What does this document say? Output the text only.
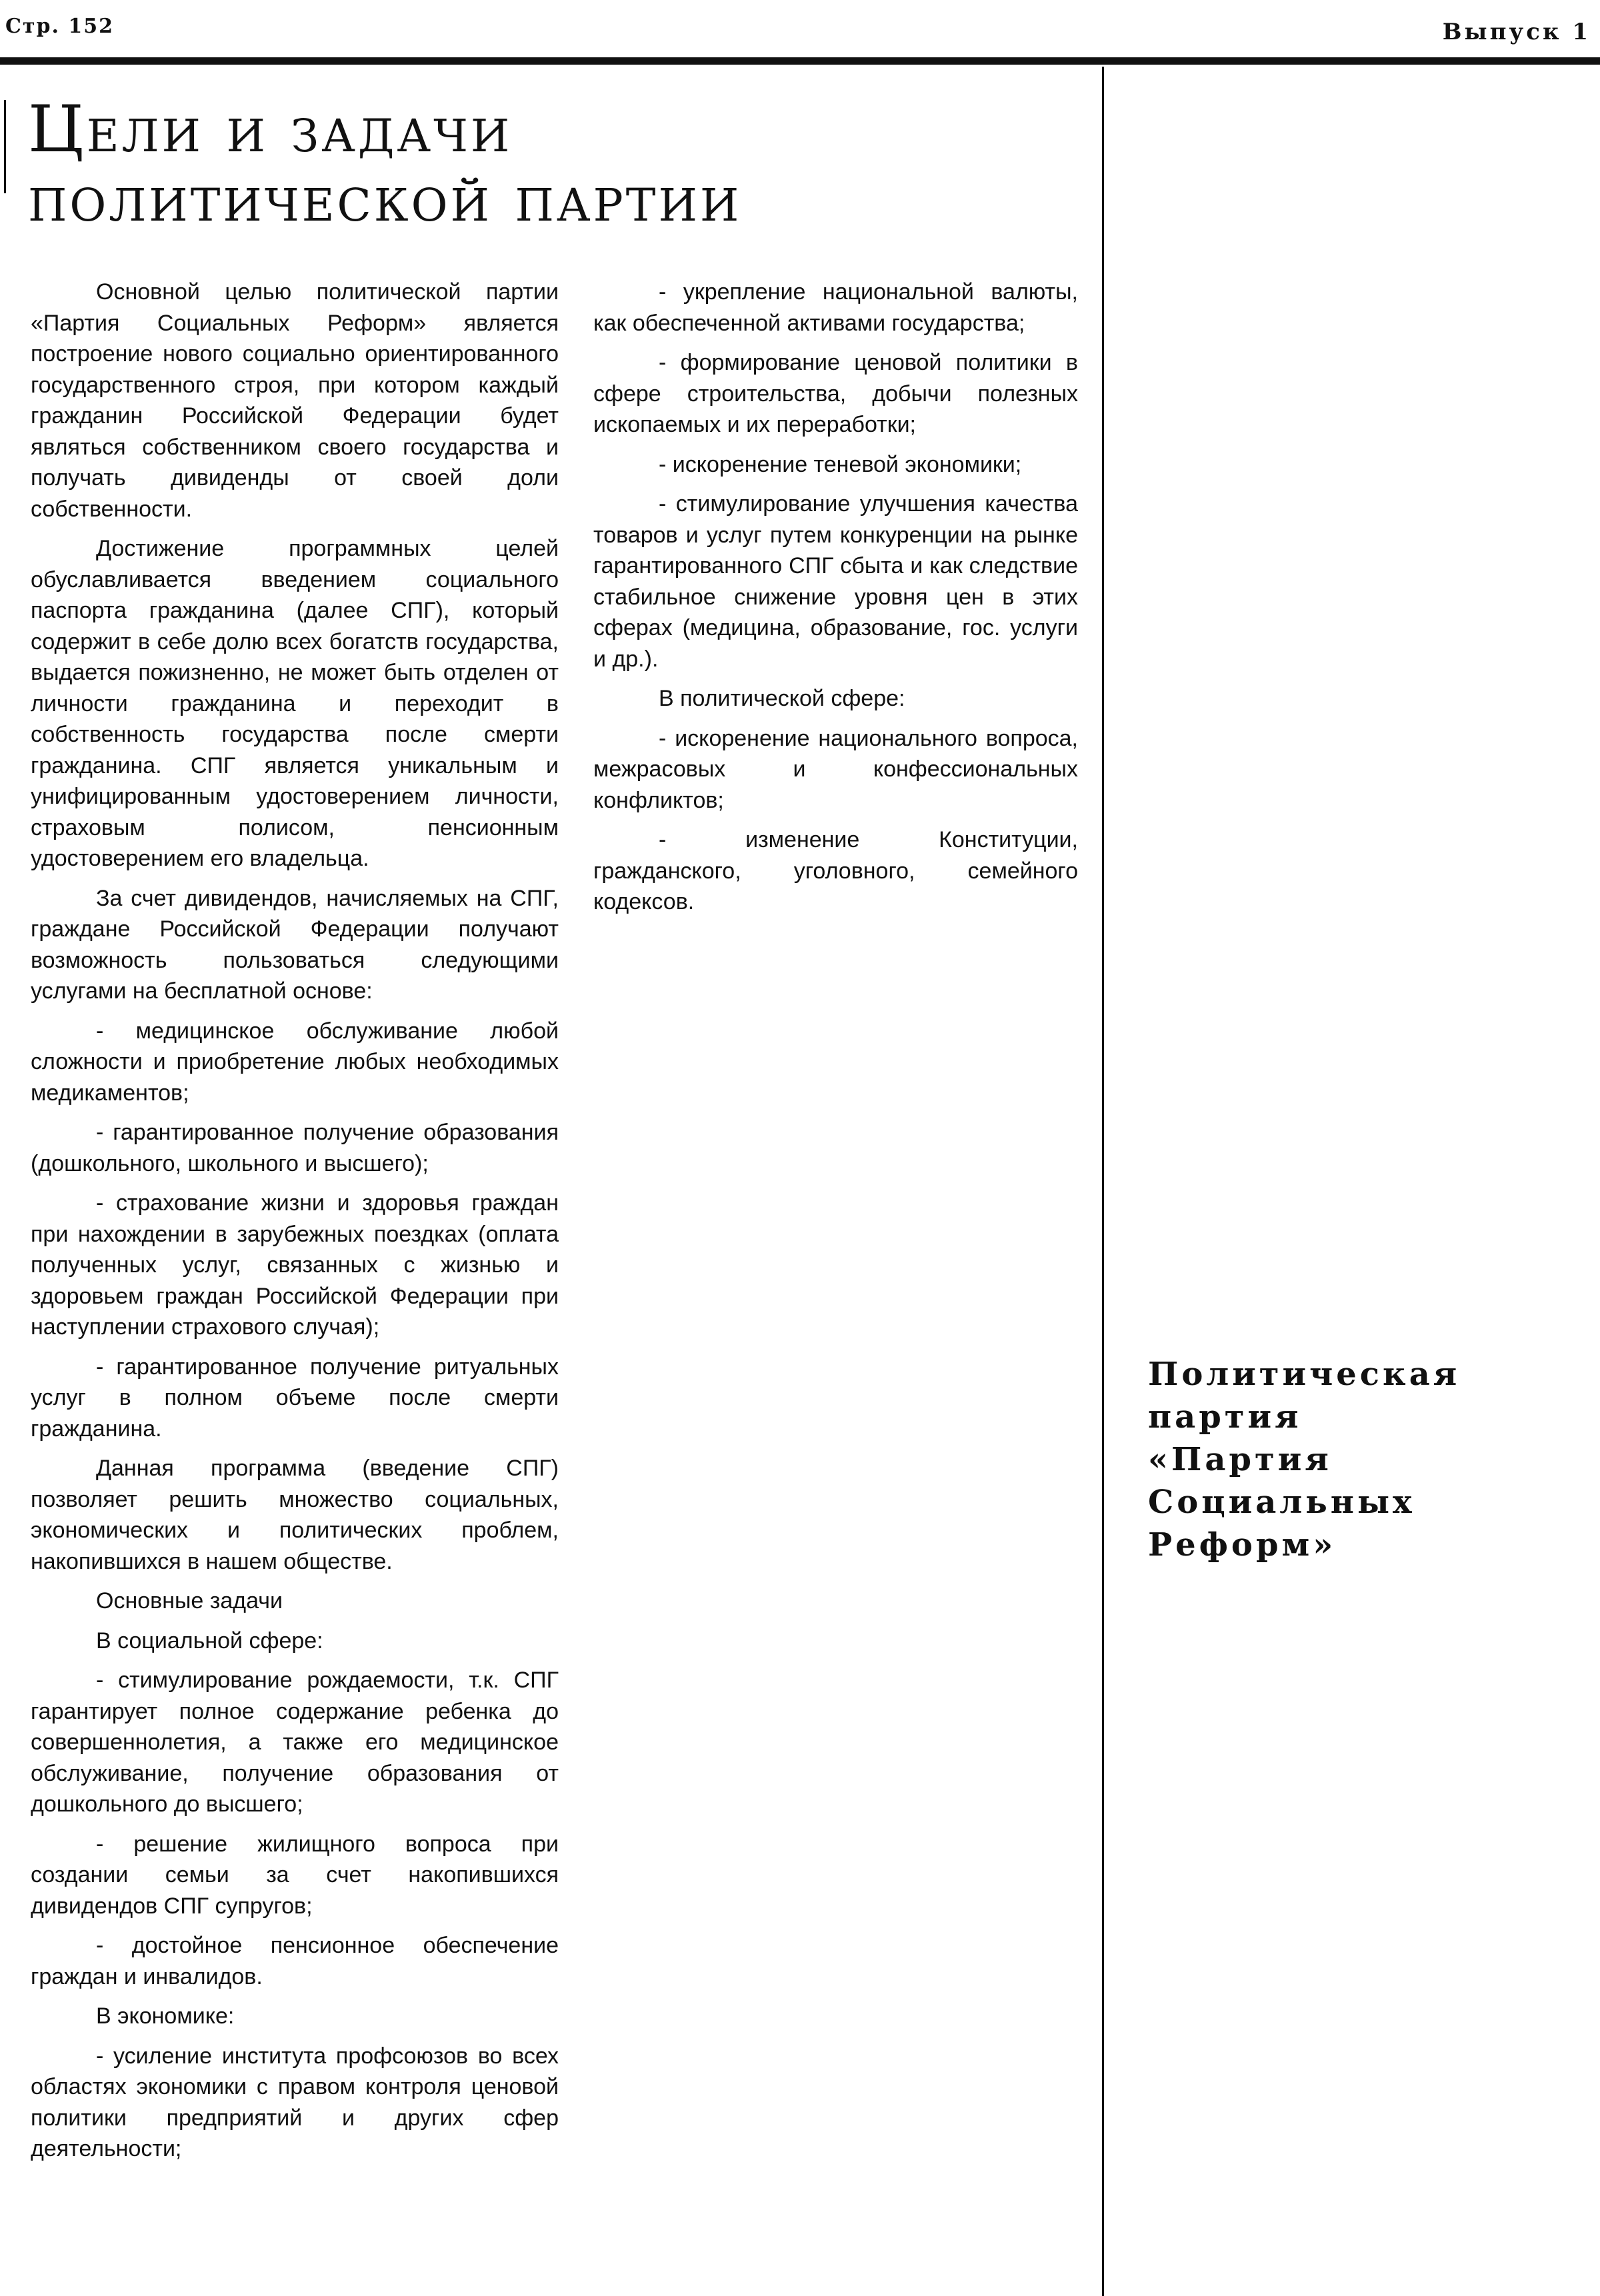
Стр. 152	Выпуск 1
Цели и задачи
политической партии

Основной целью политической партии «Партия Социальных Реформ» является построение нового социально ориентированного государственного строя, при котором каждый гражданин Российской Федерации будет являться собственником своего государства и получать дивиденды от своей доли собственности.

Достижение программных целей обуславливается введением социального паспорта гражданина (далее СПГ), который содержит в себе долю всех богатств государства, выдается пожизненно, не может быть отделен от личности гражданина и переходит в собственность государства после смерти гражданина. СПГ является уникальным и унифицированным удостоверением личности, страховым полисом, пенсионным удостоверением его владельца.

За счет дивидендов, начисляемых на СПГ, граждане Российской Федерации получают возможность пользоваться следующими услугами на бесплатной основе:

- медицинское обслуживание любой сложности и приобретение любых необходимых медикаментов;

- гарантированное получение образования (дошкольного, школьного и высшего);

- страхование жизни и здоровья граждан при нахождении в зарубежных поездках (оплата полученных услуг, связанных с жизнью и здоровьем граждан Российской Федерации при наступлении страхового случая);

- гарантированное получение ритуальных услуг в полном объеме после смерти гражданина.

Данная программа (введение СПГ) позволяет решить множество социальных, экономических и политических проблем, накопившихся в нашем обществе.

Основные задачи

В социальной сфере:

- стимулирование рождаемости, т.к. СПГ гарантирует полное содержание ребенка до совершеннолетия, а также его медицинское обслуживание, получение образования от дошкольного до высшего;

- решение жилищного вопроса при создании семьи за счет накопившихся дивидендов СПГ супругов;

- достойное пенсионное обеспечение граждан и инвалидов.

В экономике:

- усиление института профсоюзов во всех областях экономики с правом контроля ценовой политики предприятий и других сфер деятельности;

- укрепление национальной валюты, как обеспеченной активами государства;

- формирование ценовой политики в сфере строительства, добычи полезных ископаемых и их переработки;

- искоренение теневой экономики;

- стимулирование улучшения качества товаров и услуг путем конкуренции на рынке гарантированного СПГ сбыта и как следствие стабильное снижение уровня цен в этих сферах (медицина, образование, гос. услуги и др.).

В политической сфере:

- искоренение национального вопроса, межрасовых и конфессиональных конфликтов;

- изменение Конституции, гражданского, уголовного, семейного кодексов.

Политическая
партия
«Партия
Социальных
Реформ»
